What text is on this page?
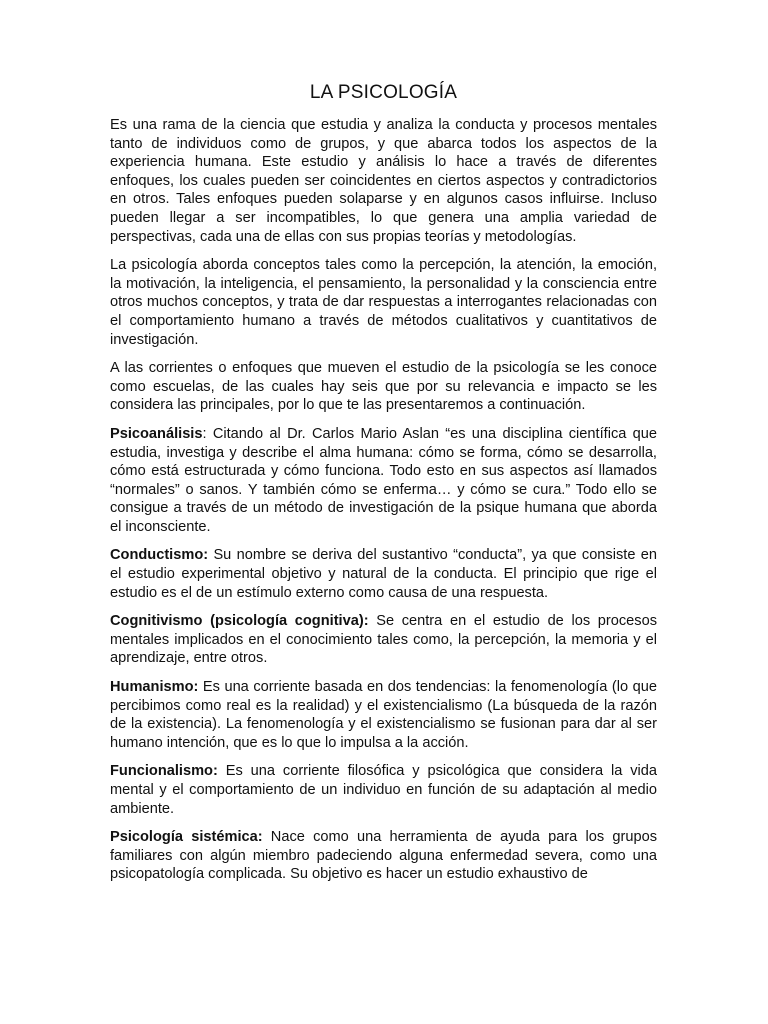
LA PSICOLOGÍA

Es una rama de la ciencia que estudia y analiza la conducta y procesos mentales tanto de individuos como de grupos, y que abarca todos los aspectos de la experiencia humana. Este estudio y análisis lo hace a través de diferentes enfoques, los cuales pueden ser coincidentes en ciertos aspectos y contradictorios en otros. Tales enfoques pueden solaparse y en algunos casos influirse. Incluso pueden llegar a ser incompatibles, lo que genera una amplia variedad de perspectivas, cada una de ellas con sus propias teorías y metodologías.

La psicología aborda conceptos tales como la percepción, la atención, la emoción, la motivación, la inteligencia, el pensamiento, la personalidad y la consciencia entre otros muchos conceptos, y trata de dar respuestas a interrogantes relacionadas con el comportamiento humano a través de métodos cualitativos y cuantitativos de investigación.

A las corrientes o enfoques que mueven el estudio de la psicología se les conoce como escuelas, de las cuales hay seis que por su relevancia e impacto se les considera las principales, por lo que te las presentaremos a continuación.

Psicoanálisis: Citando al Dr. Carlos Mario Aslan “es una disciplina científica que estudia, investiga y describe el alma humana: cómo se forma, cómo se desarrolla, cómo está estructurada y cómo funciona. Todo esto en sus aspectos así llamados “normales” o sanos. Y también cómo se enferma… y cómo se cura.” Todo ello se consigue a través de un método de investigación de la psique humana que aborda el inconsciente.

Conductismo: Su nombre se deriva del sustantivo “conducta”, ya que consiste en el estudio experimental objetivo y natural de la conducta. El principio que rige el estudio es el de un estímulo externo como causa de una respuesta.

Cognitivismo (psicología cognitiva): Se centra en el estudio de los procesos mentales implicados en el conocimiento tales como, la percepción, la memoria y el aprendizaje, entre otros.

Humanismo: Es una corriente basada en dos tendencias: la fenomenología (lo que percibimos como real es la realidad) y el existencialismo (La búsqueda de la razón de la existencia). La fenomenología y el existencialismo se fusionan para dar al ser humano intención, que es lo que lo impulsa a la acción.

Funcionalismo: Es una corriente filosófica y psicológica que considera la vida mental y el comportamiento de un individuo en función de su adaptación al medio ambiente.

Psicología sistémica: Nace como una herramienta de ayuda para los grupos familiares con algún miembro padeciendo alguna enfermedad severa, como una psicopatología complicada. Su objetivo es hacer un estudio exhaustivo de
